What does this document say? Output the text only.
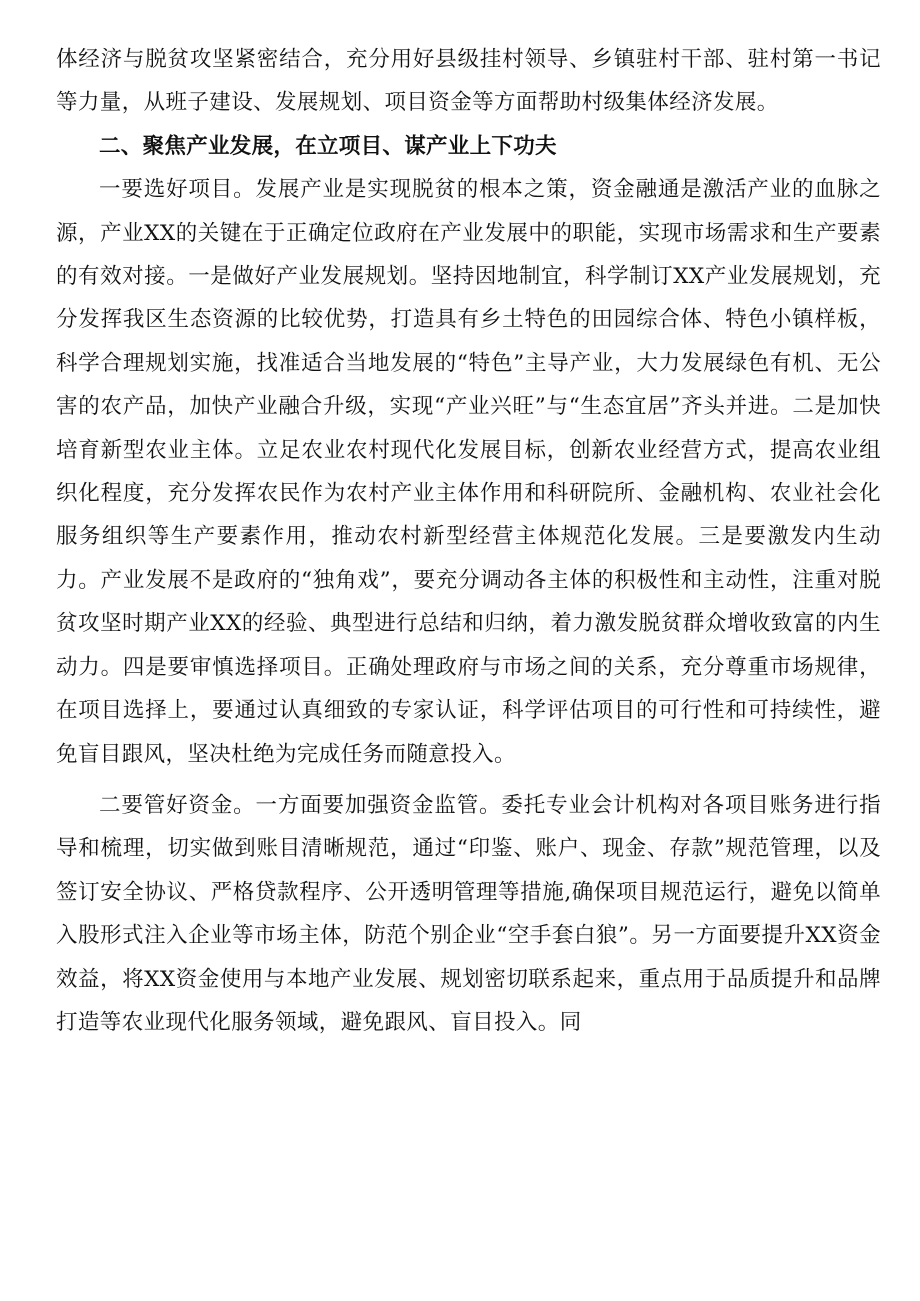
体经济与脱贫攻坚紧密结合，充分用好县级挂村领导、乡镇驻村干部、驻村第一书记等力量，从班子建设、发展规划、项目资金等方面帮助村级集体经济发展。

二、聚焦产业发展，在立项目、谋产业上下功夫

一要选好项目。发展产业是实现脱贫的根本之策，资金融通是激活产业的血脉之源，产业XX的关键在于正确定位政府在产业发展中的职能，实现市场需求和生产要素的有效对接。一是做好产业发展规划。坚持因地制宜，科学制订XX产业发展规划，充分发挥我区生态资源的比较优势，打造具有乡土特色的田园综合体、特色小镇样板，科学合理规划实施，找准适合当地发展的“特色”主导产业，大力发展绿色有机、无公害的农产品，加快产业融合升级，实现“产业兴旺”与“生态宜居”齐头并进。二是加快培育新型农业主体。立足农业农村现代化发展目标，创新农业经营方式，提高农业组织化程度，充分发挥农民作为农村产业主体作用和科研院所、金融机构、农业社会化服务组织等生产要素作用，推动农村新型经营主体规范化发展。三是要激发内生动力。产业发展不是政府的“独角戏”，要充分调动各主体的积极性和主动性，注重对脱贫攻坚时期产业XX的经验、典型进行总结和归纳，着力激发脱贫群众增收致富的内生动力。四是要审慎选择项目。正确处理政府与市场之间的关系，充分尊重市场规律，在项目选择上，要通过认真细致的专家认证，科学评估项目的可行性和可持续性，避免盲目跟风，坚决杜绝为完成任务而随意投入。

二要管好资金。一方面要加强资金监管。委托专业会计机构对各项目账务进行指导和梳理，切实做到账目清晰规范，通过“印鉴、账户、现金、存款”规范管理，以及签订安全协议、严格贷款程序、公开透明管理等措施,确保项目规范运行，避免以简单入股形式注入企业等市场主体，防范个别企业“空手套白狼”。另一方面要提升XX资金效益，将XX资金使用与本地产业发展、规划密切联系起来，重点用于品质提升和品牌打造等农业现代化服务领域，避免跟风、盲目投入。同
